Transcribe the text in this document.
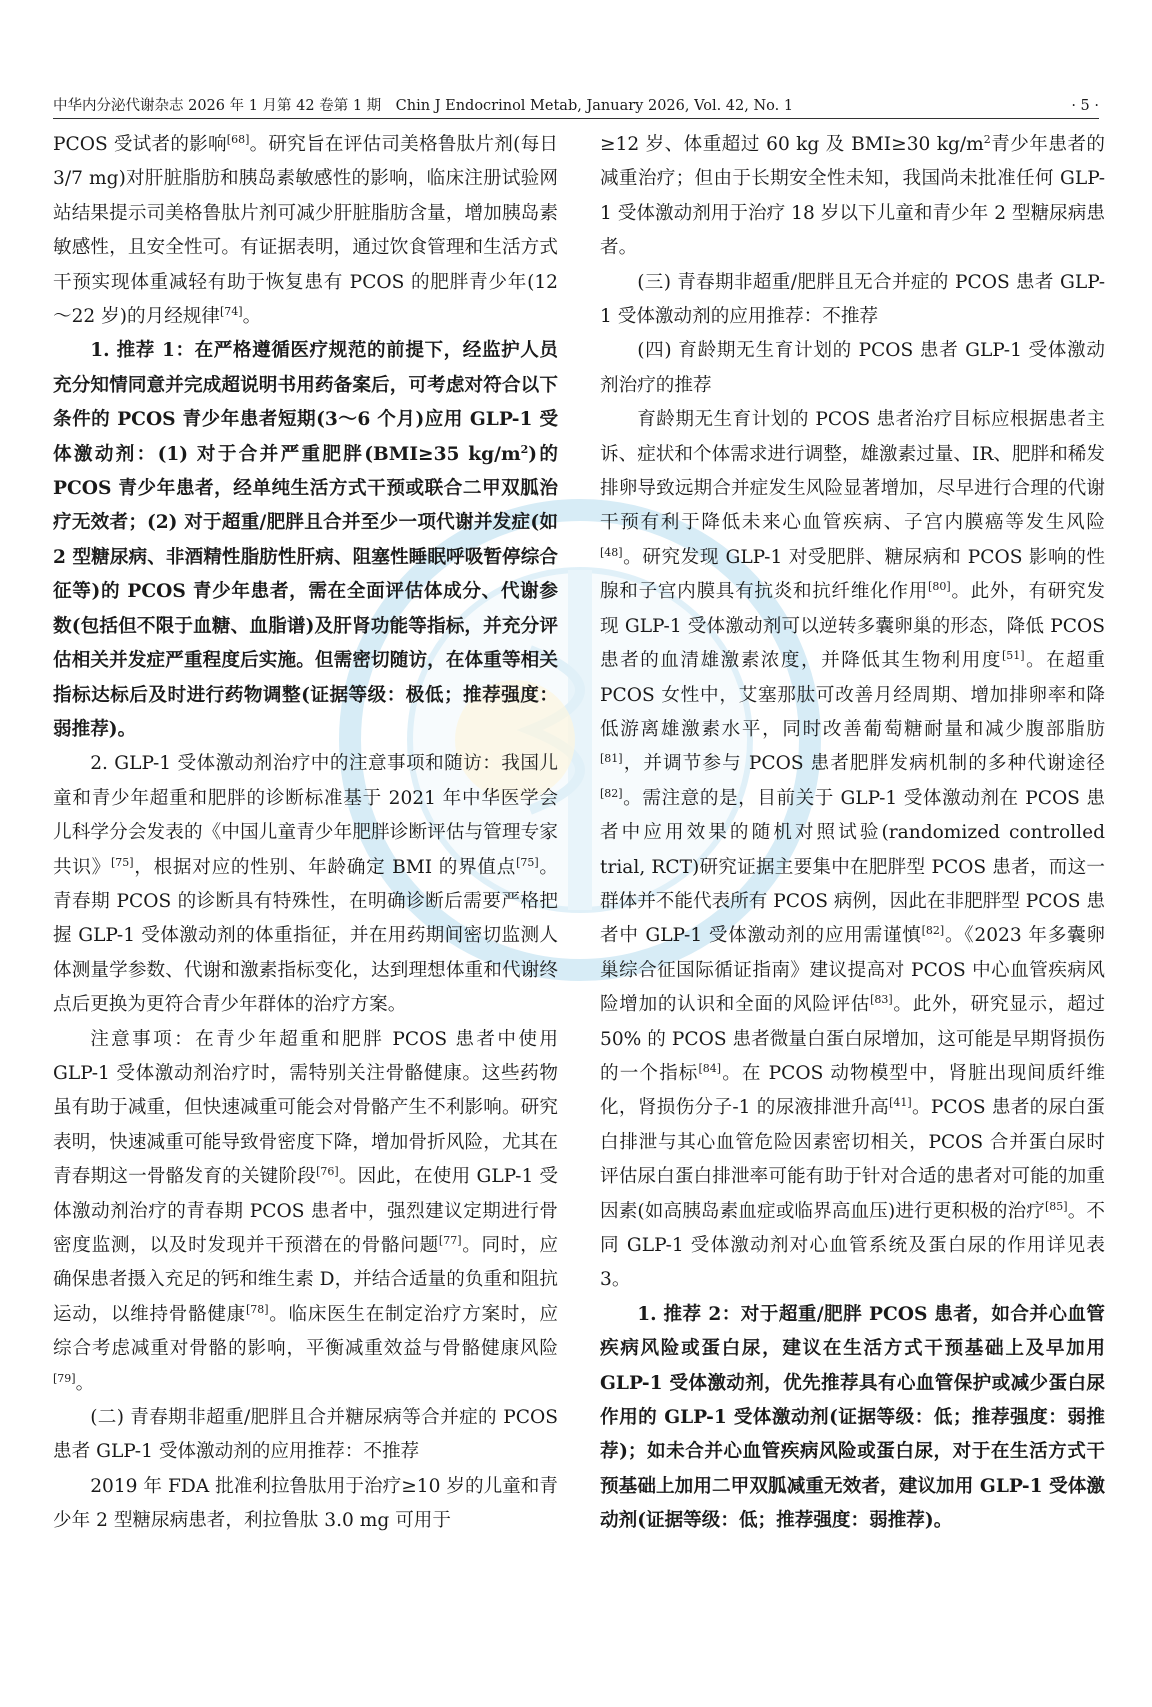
中华内分泌代谢杂志 2026 年 1 月第 42 卷第 1 期　Chin J Endocrinol Metab, January 2026, Vol. 42, No. 1	· 5 ·

PCOS 受试者的影响[68]。研究旨在评估司美格鲁肽片剂(每日 3/7 mg)对肝脏脂肪和胰岛素敏感性的影响，临床注册试验网站结果提示司美格鲁肽片剂可减少肝脏脂肪含量，增加胰岛素敏感性，且安全性可。有证据表明，通过饮食管理和生活方式干预实现体重减轻有助于恢复患有 PCOS 的肥胖青少年(12～22 岁)的月经规律[74]。

1. 推荐 1：在严格遵循医疗规范的前提下，经监护人员充分知情同意并完成超说明书用药备案后，可考虑对符合以下条件的 PCOS 青少年患者短期(3～6 个月)应用 GLP-1 受体激动剂：(1) 对于合并严重肥胖(BMI≥35 $kg/m^2$)的 PCOS 青少年患者，经单纯生活方式干预或联合二甲双胍治疗无效者；(2) 对于超重/肥胖且合并至少一项代谢并发症(如 2 型糖尿病、非酒精性脂肪性肝病、阻塞性睡眠呼吸暂停综合征等)的 PCOS 青少年患者，需在全面评估体成分、代谢参数(包括但不限于血糖、血脂谱)及肝肾功能等指标，并充分评估相关并发症严重程度后实施。但需密切随访，在体重等相关指标达标后及时进行药物调整(证据等级：极低；推荐强度：弱推荐)。

2. GLP-1 受体激动剂治疗中的注意事项和随访：我国儿童和青少年超重和肥胖的诊断标准基于 2021 年中华医学会儿科学分会发表的《中国儿童青少年肥胖诊断评估与管理专家共识》[75]，根据对应的性别、年龄确定 BMI 的界值点[75]。青春期 PCOS 的诊断具有特殊性，在明确诊断后需要严格把握 GLP-1 受体激动剂的体重指征，并在用药期间密切监测人体测量学参数、代谢和激素指标变化，达到理想体重和代谢终点后更换为更符合青少年群体的治疗方案。

注意事项：在青少年超重和肥胖 PCOS 患者中使用 GLP-1 受体激动剂治疗时，需特别关注骨骼健康。这些药物虽有助于减重，但快速减重可能会对骨骼产生不利影响。研究表明，快速减重可能导致骨密度下降，增加骨折风险，尤其在青春期这一骨骼发育的关键阶段[76]。因此，在使用 GLP-1 受体激动剂治疗的青春期 PCOS 患者中，强烈建议定期进行骨密度监测，以及时发现并干预潜在的骨骼问题[77]。同时，应确保患者摄入充足的钙和维生素 D，并结合适量的负重和阻抗运动，以维持骨骼健康[78]。临床医生在制定治疗方案时，应综合考虑减重对骨骼的影响，平衡减重效益与骨骼健康风险[79]。

(二) 青春期非超重/肥胖且合并糖尿病等合并症的 PCOS 患者 GLP-1 受体激动剂的应用推荐：不推荐

2019 年 FDA 批准利拉鲁肽用于治疗≥10 岁的儿童和青少年 2 型糖尿病患者，利拉鲁肽 3.0 mg 可用于

≥12 岁、体重超过 60 kg 及 BMI≥30 $kg/m^2$青少年患者的减重治疗；但由于长期安全性未知，我国尚未批准任何 GLP-1 受体激动剂用于治疗 18 岁以下儿童和青少年 2 型糖尿病患者。

(三) 青春期非超重/肥胖且无合并症的 PCOS 患者 GLP-1 受体激动剂的应用推荐：不推荐

(四) 育龄期无生育计划的 PCOS 患者 GLP-1 受体激动剂治疗的推荐

育龄期无生育计划的 PCOS 患者治疗目标应根据患者主诉、症状和个体需求进行调整，雄激素过量、IR、肥胖和稀发排卵导致远期合并症发生风险显著增加，尽早进行合理的代谢干预有利于降低未来心血管疾病、子宫内膜癌等发生风险[48]。研究发现 GLP-1 对受肥胖、糖尿病和 PCOS 影响的性腺和子宫内膜具有抗炎和抗纤维化作用[80]。此外，有研究发现 GLP-1 受体激动剂可以逆转多囊卵巢的形态，降低 PCOS 患者的血清雄激素浓度，并降低其生物利用度[51]。在超重 PCOS 女性中，艾塞那肽可改善月经周期、增加排卵率和降低游离雄激素水平，同时改善葡萄糖耐量和减少腹部脂肪[81]，并调节参与 PCOS 患者肥胖发病机制的多种代谢途径[82]。需注意的是，目前关于 GLP-1 受体激动剂在 PCOS 患者中应用效果的随机对照试验(randomized controlled trial, RCT)研究证据主要集中在肥胖型 PCOS 患者，而这一群体并不能代表所有 PCOS 病例，因此在非肥胖型 PCOS 患者中 GLP-1 受体激动剂的应用需谨慎[82]。《2023 年多囊卵巢综合征国际循证指南》建议提高对 PCOS 中心血管疾病风险增加的认识和全面的风险评估[83]。此外，研究显示，超过 50% 的 PCOS 患者微量白蛋白尿增加，这可能是早期肾损伤的一个指标[84]。在 PCOS 动物模型中，肾脏出现间质纤维化，肾损伤分子-1 的尿液排泄升高[41]。PCOS 患者的尿白蛋白排泄与其心血管危险因素密切相关，PCOS 合并蛋白尿时评估尿白蛋白排泄率可能有助于针对合适的患者对可能的加重因素(如高胰岛素血症或临界高血压)进行更积极的治疗[85]。不同 GLP-1 受体激动剂对心血管系统及蛋白尿的作用详见表 3。

1. 推荐 2：对于超重/肥胖 PCOS 患者，如合并心血管疾病风险或蛋白尿，建议在生活方式干预基础上及早加用 GLP-1 受体激动剂，优先推荐具有心血管保护或减少蛋白尿作用的 GLP-1 受体激动剂(证据等级：低；推荐强度：弱推荐)；如未合并心血管疾病风险或蛋白尿，对于在生活方式干预基础上加用二甲双胍减重无效者，建议加用 GLP-1 受体激动剂(证据等级：低；推荐强度：弱推荐)。
